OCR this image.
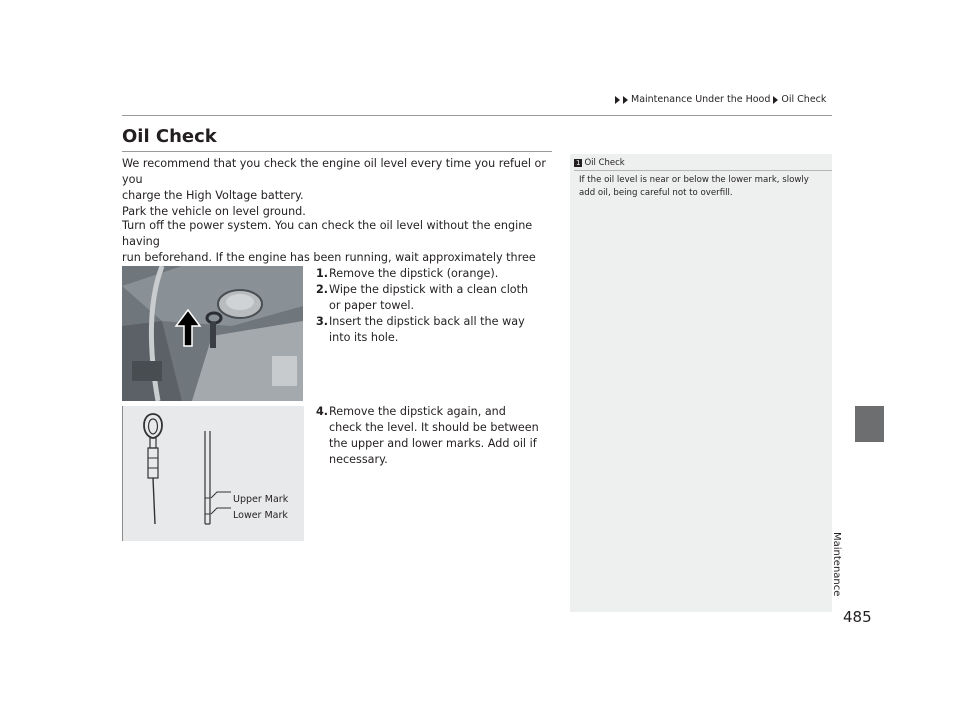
Maintenance Under the Hood Oil Check
Oil Check
We recommend that you check the engine oil level every time you refuel or you
charge the High Voltage battery.
Park the vehicle on level ground.
Turn off the power system. You can check the oil level without the engine having
run beforehand. If the engine has been running, wait approximately three
1. Remove the dipstick (orange).
2. Wipe the dipstick with a clean cloth or paper towel.
3. Insert the dipstick back all the way into its hole.
Upper Mark
Lower Mark
4. Remove the dipstick again, and check the level. It should be between the upper and lower marks. Add oil if necessary.
1 Oil Check
If the oil level is near or below the lower mark, slowly add oil, being careful not to overfill.
Maintenance
485
